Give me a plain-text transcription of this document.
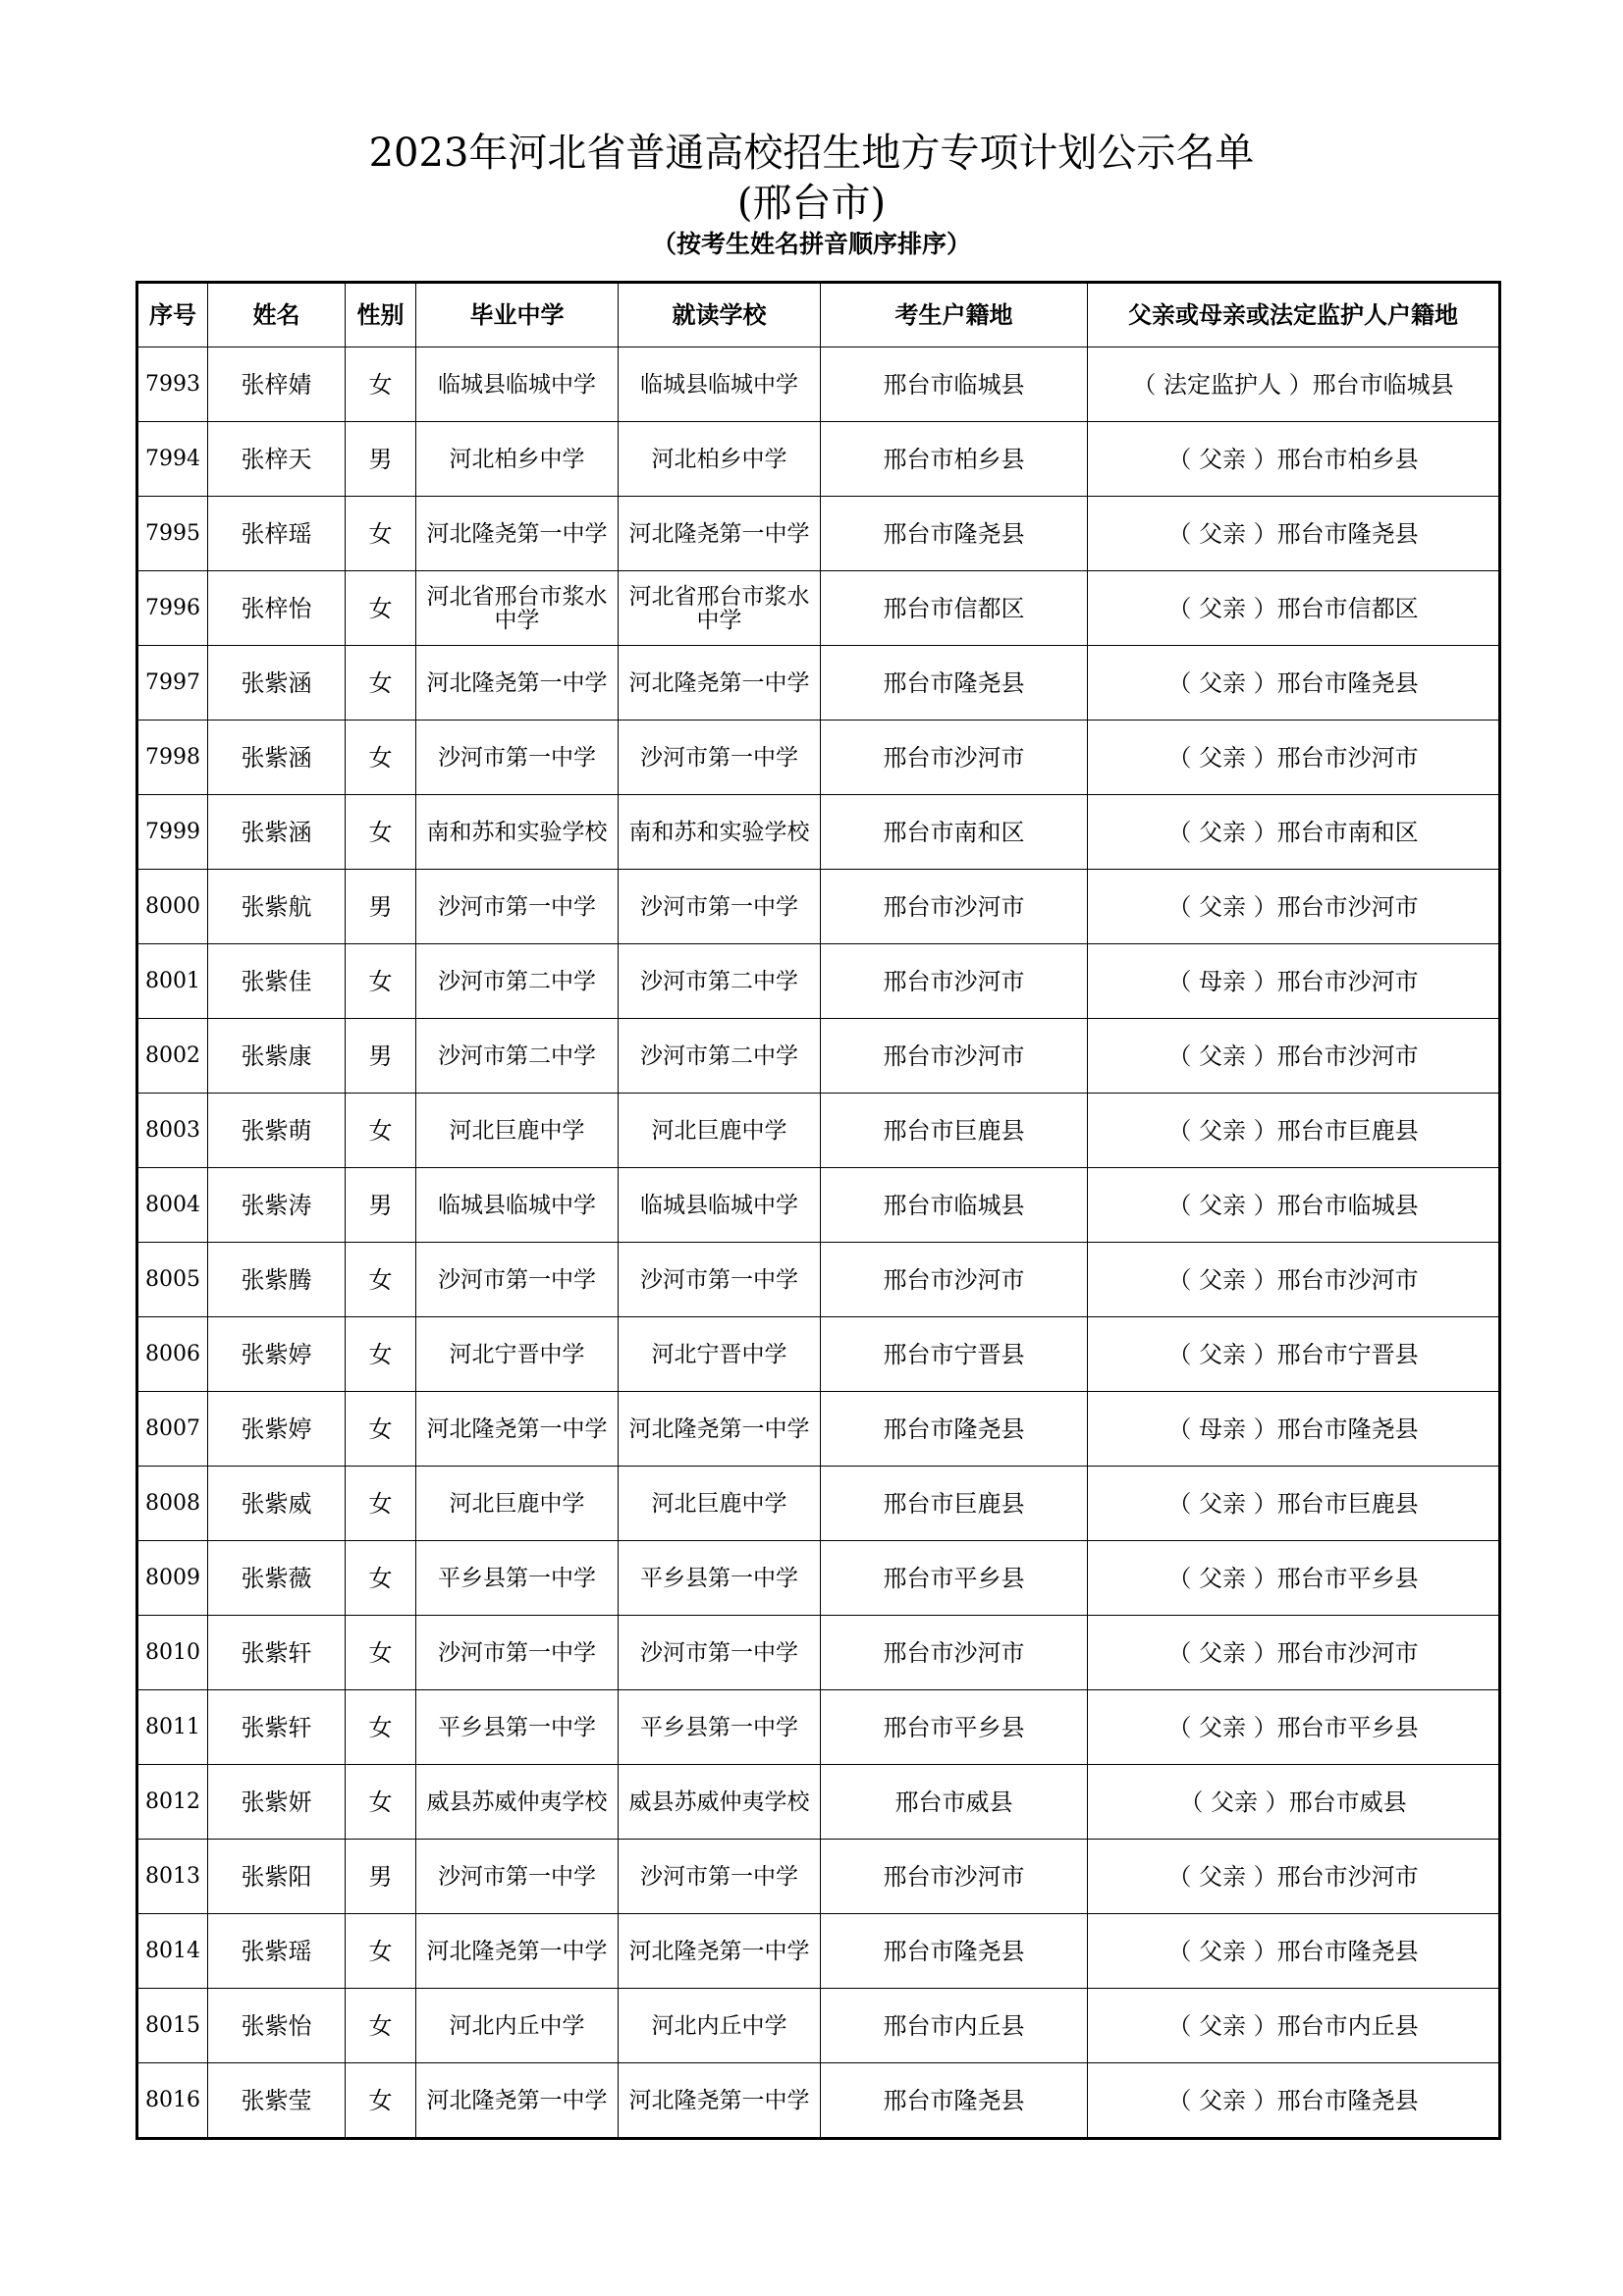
2023年河北省普通高校招生地方专项计划公示名单
(邢台市)
（按考生姓名拼音顺序排序）
序号	姓名	性别	毕业中学	就读学校	考生户籍地	父亲或母亲或法定监护人户籍地
7993	张梓婧	女	临城县临城中学	临城县临城中学	邢台市临城县	（ 法定监护人 ）邢台市临城县
7994	张梓天	男	河北柏乡中学	河北柏乡中学	邢台市柏乡县	（ 父亲 ）邢台市柏乡县
7995	张梓瑶	女	河北隆尧第一中学	河北隆尧第一中学	邢台市隆尧县	（ 父亲 ）邢台市隆尧县
7996	张梓怡	女	河北省邢台市浆水中学	河北省邢台市浆水中学	邢台市信都区	（ 父亲 ）邢台市信都区
7997	张紫涵	女	河北隆尧第一中学	河北隆尧第一中学	邢台市隆尧县	（ 父亲 ）邢台市隆尧县
7998	张紫涵	女	沙河市第一中学	沙河市第一中学	邢台市沙河市	（ 父亲 ）邢台市沙河市
7999	张紫涵	女	南和苏和实验学校	南和苏和实验学校	邢台市南和区	（ 父亲 ）邢台市南和区
8000	张紫航	男	沙河市第一中学	沙河市第一中学	邢台市沙河市	（ 父亲 ）邢台市沙河市
8001	张紫佳	女	沙河市第二中学	沙河市第二中学	邢台市沙河市	（ 母亲 ）邢台市沙河市
8002	张紫康	男	沙河市第二中学	沙河市第二中学	邢台市沙河市	（ 父亲 ）邢台市沙河市
8003	张紫萌	女	河北巨鹿中学	河北巨鹿中学	邢台市巨鹿县	（ 父亲 ）邢台市巨鹿县
8004	张紫涛	男	临城县临城中学	临城县临城中学	邢台市临城县	（ 父亲 ）邢台市临城县
8005	张紫腾	女	沙河市第一中学	沙河市第一中学	邢台市沙河市	（ 父亲 ）邢台市沙河市
8006	张紫婷	女	河北宁晋中学	河北宁晋中学	邢台市宁晋县	（ 父亲 ）邢台市宁晋县
8007	张紫婷	女	河北隆尧第一中学	河北隆尧第一中学	邢台市隆尧县	（ 母亲 ）邢台市隆尧县
8008	张紫威	女	河北巨鹿中学	河北巨鹿中学	邢台市巨鹿县	（ 父亲 ）邢台市巨鹿县
8009	张紫薇	女	平乡县第一中学	平乡县第一中学	邢台市平乡县	（ 父亲 ）邢台市平乡县
8010	张紫轩	女	沙河市第一中学	沙河市第一中学	邢台市沙河市	（ 父亲 ）邢台市沙河市
8011	张紫轩	女	平乡县第一中学	平乡县第一中学	邢台市平乡县	（ 父亲 ）邢台市平乡县
8012	张紫妍	女	威县苏威仲夷学校	威县苏威仲夷学校	邢台市威县	（ 父亲 ）邢台市威县
8013	张紫阳	男	沙河市第一中学	沙河市第一中学	邢台市沙河市	（ 父亲 ）邢台市沙河市
8014	张紫瑶	女	河北隆尧第一中学	河北隆尧第一中学	邢台市隆尧县	（ 父亲 ）邢台市隆尧县
8015	张紫怡	女	河北内丘中学	河北内丘中学	邢台市内丘县	（ 父亲 ）邢台市内丘县
8016	张紫莹	女	河北隆尧第一中学	河北隆尧第一中学	邢台市隆尧县	（ 父亲 ）邢台市隆尧县
